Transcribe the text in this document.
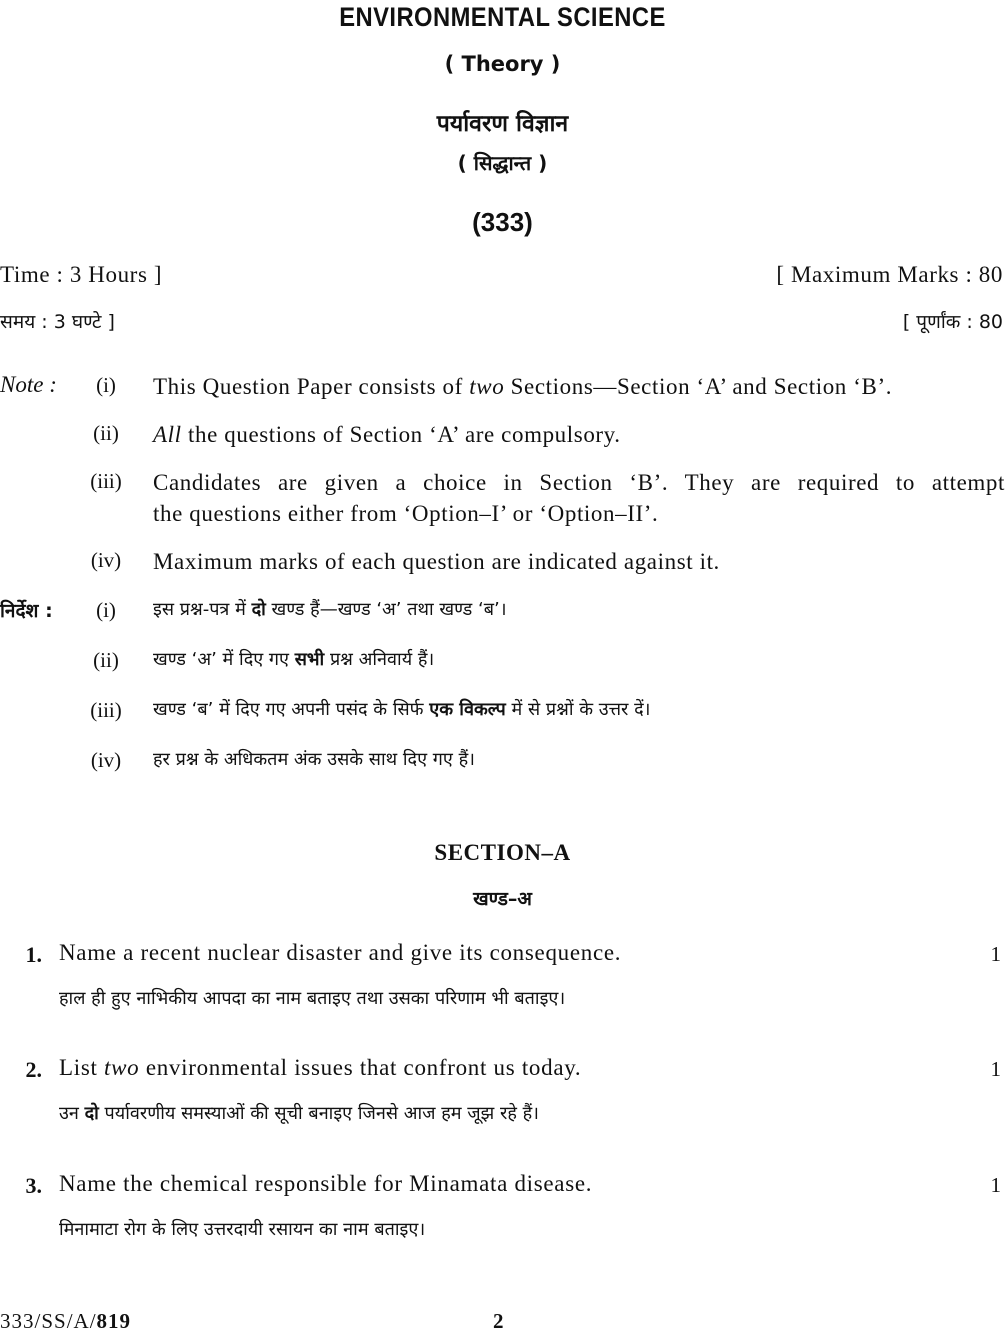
ENVIRONMENTAL SCIENCE
( Theory )
पर्यावरण विज्ञान
( सिद्धान्त )
(333)
Time : 3 Hours ]	[ Maximum Marks : 80
समय : 3 घण्टे ]	[ पूर्णांक : 80
Note :	(i)	This Question Paper consists of two Sections—Section ‘A’ and Section ‘B’.
(ii)	All the questions of Section ‘A’ are compulsory.
(iii)	Candidates are given a choice in Section ‘B’. They are required to attempt
the questions either from ‘Option–I’ or ‘Option–II’.
(iv)	Maximum marks of each question are indicated against it.
निर्देश :	(i)	इस प्रश्न-पत्र में दो खण्ड हैं—खण्ड ‘अ’ तथा खण्ड ‘ब’।
(ii)	खण्ड ‘अ’ में दिए गए सभी प्रश्न अनिवार्य हैं।
(iii)	खण्ड ‘ब’ में दिए गए अपनी पसंद के सिर्फ एक विकल्प में से प्रश्नों के उत्तर दें।
(iv)	हर प्रश्न के अधिकतम अंक उसके साथ दिए गए हैं।
SECTION–A
खण्ड–अ
1. Name a recent nuclear disaster and give its consequence.	1
हाल ही हुए नाभिकीय आपदा का नाम बताइए तथा उसका परिणाम भी बताइए।
2. List two environmental issues that confront us today.	1
उन दो पर्यावरणीय समस्याओं की सूची बनाइए जिनसे आज हम जूझ रहे हैं।
3. Name the chemical responsible for Minamata disease.	1
मिनामाटा रोग के लिए उत्तरदायी रसायन का नाम बताइए।
333/SS/A/819	2
